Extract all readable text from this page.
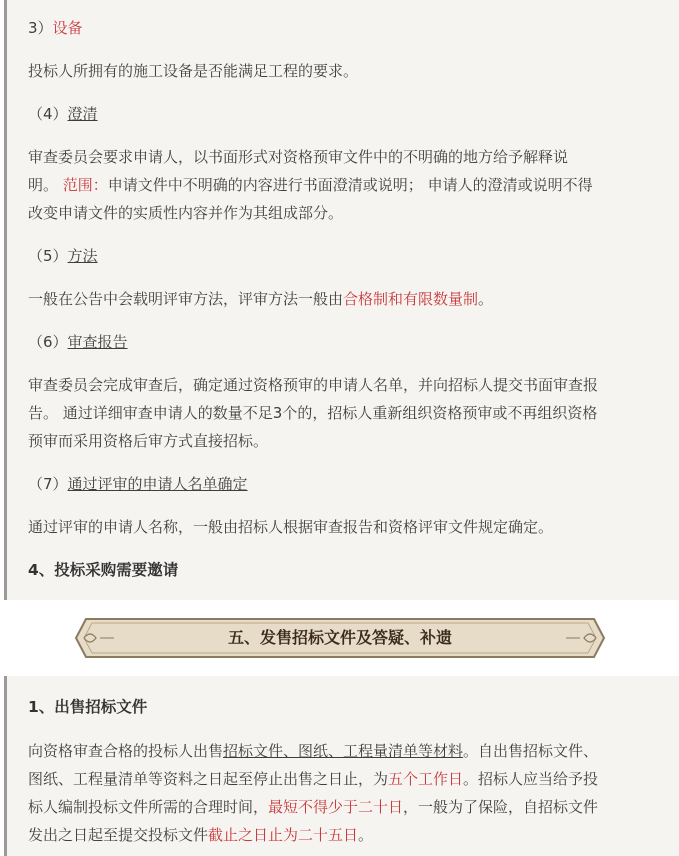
3）设备

投标人所拥有的施工设备是否能满足工程的要求。

（4）澄清

审查委员会要求申请人，以书面形式对资格预审文件中的不明确的地方给予解释说

明。 范围：申请文件中不明确的内容进行书面澄清或说明； 申请人的澄清或说明不得

改变申请文件的实质性内容并作为其组成部分。

（5）方法

一般在公告中会载明评审方法，评审方法一般由合格制和有限数量制。

（6）审查报告

审查委员会完成审查后，确定通过资格预审的申请人名单，并向招标人提交书面审查报

告。 通过详细审查申请人的数量不足3个的，招标人重新组织资格预审或不再组织资格

预审而采用资格后审方式直接招标。

（7）通过评审的申请人名单确定

通过评审的申请人名称，一般由招标人根据审查报告和资格评审文件规定确定。

4、投标采购需要邀请

五、发售招标文件及答疑、补遗

1、出售招标文件

向资格审查合格的投标人出售招标文件、图纸、工程量清单等材料。自出售招标文件、

图纸、工程量清单等资料之日起至停止出售之日止，为五个工作日。招标人应当给予投

标人编制投标文件所需的合理时间，最短不得少于二十日，一般为了保险，自招标文件

发出之日起至提交投标文件截止之日止为二十五日。
